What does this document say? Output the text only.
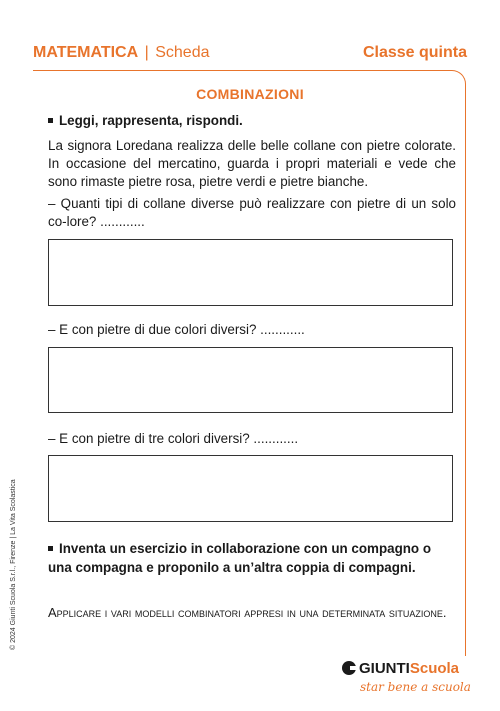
MATEMATICA | Scheda	Classe quinta
COMBINAZIONI
Leggi, rappresenta, rispondi.
La signora Loredana realizza delle belle collane con pietre colorate. In occasione del mercatino, guarda i propri materiali e vede che sono rimaste pietre rosa, pietre verdi e pietre bianche.
– Quanti tipi di collane diverse può realizzare con pietre di un solo co-lore? ............
– E con pietre di due colori diversi? ............
– E con pietre di tre colori diversi? ............
Inventa un esercizio in collaborazione con un compagno o una compagna e proponilo a un’altra coppia di compagni.
Applicare i vari modelli combinatori appresi in una determinata situazione.
© 2024 Giunti Scuola S.r.l., Firenze | La Vita Scolastica
GIUNTIScuola
star bene a scuola
